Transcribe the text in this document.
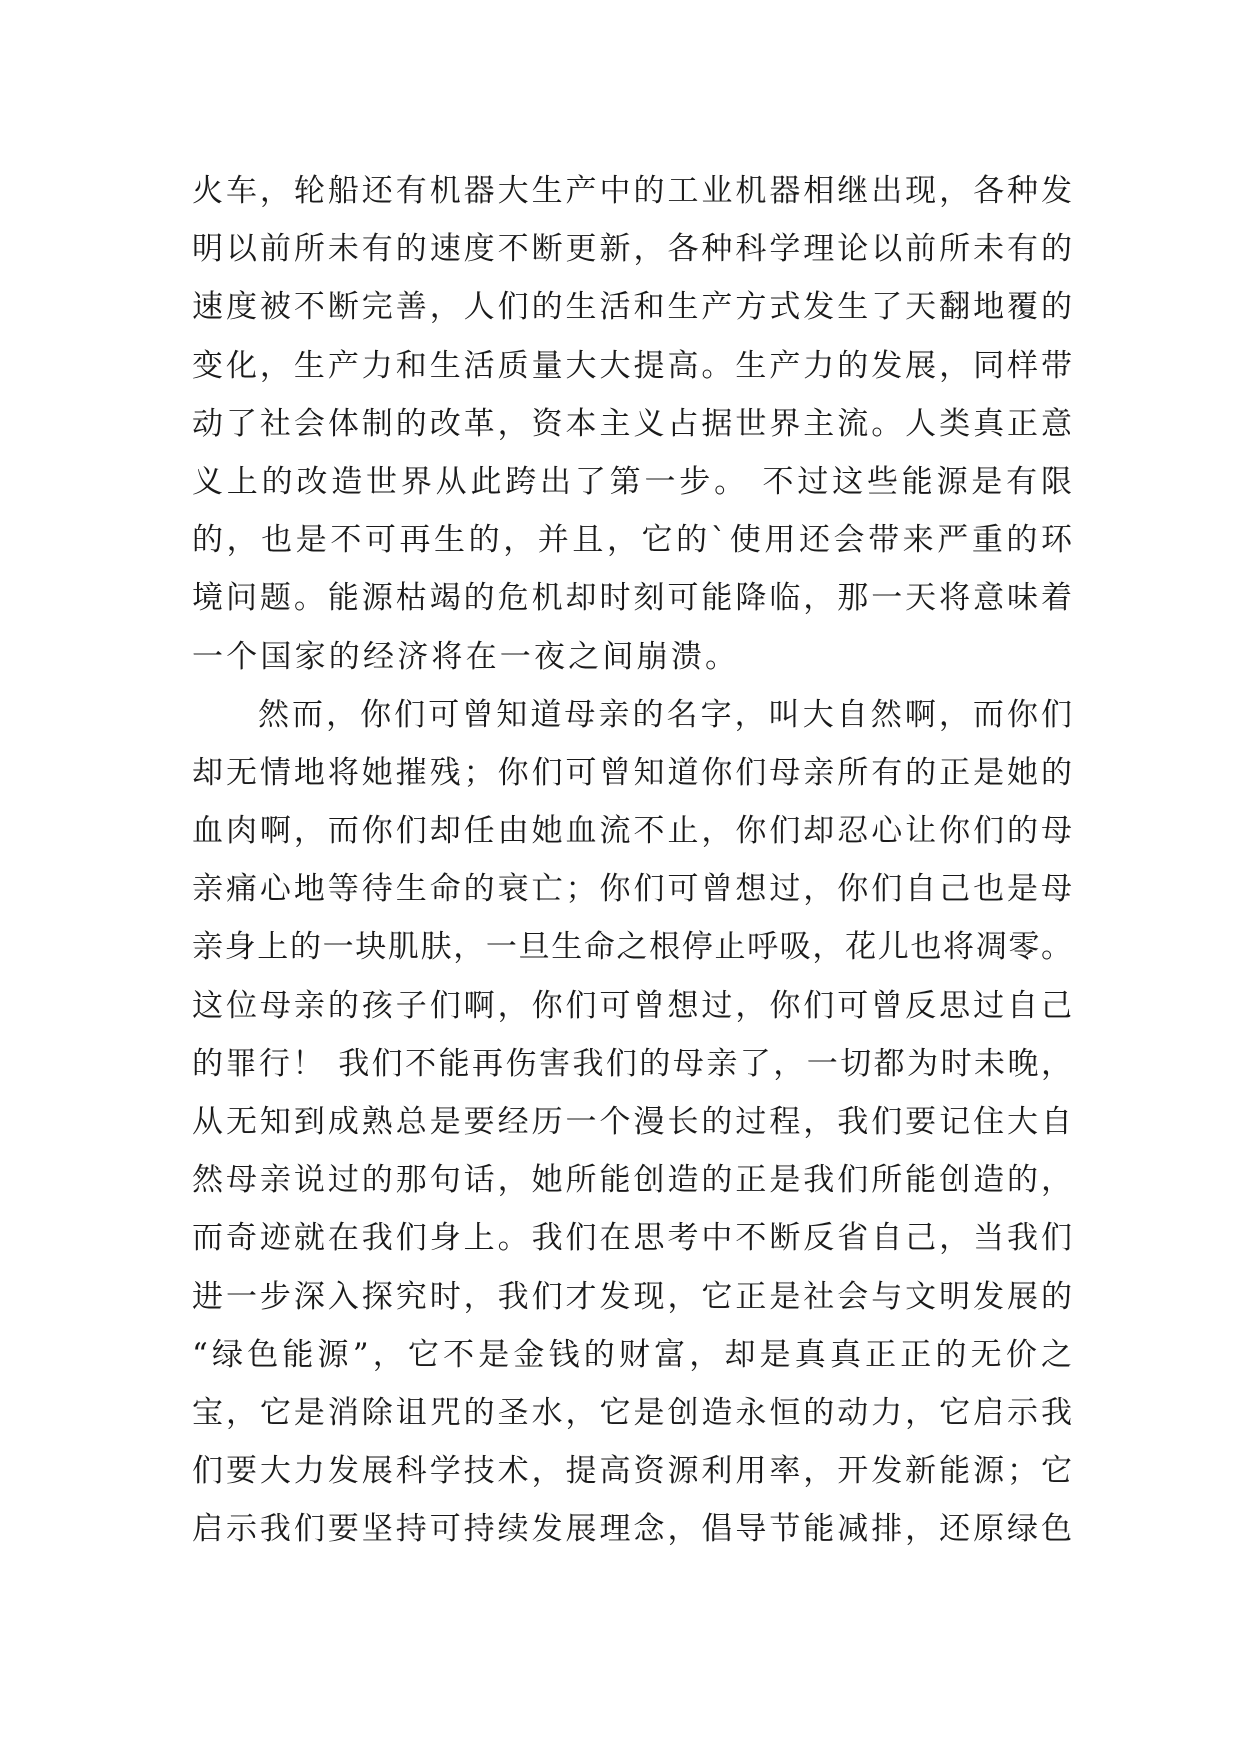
火车，轮船还有机器大生产中的工业机器相继出现，各种发
明以前所未有的速度不断更新，各种科学理论以前所未有的
速度被不断完善，人们的生活和生产方式发生了天翻地覆的
变化，生产力和生活质量大大提高。生产力的发展，同样带
动了社会体制的改革，资本主义占据世界主流。人类真正意
义上的改造世界从此跨出了第一步。 不过这些能源是有限
的，也是不可再生的，并且，它的`使用还会带来严重的环
境问题。能源枯竭的危机却时刻可能降临，那一天将意味着
一个国家的经济将在一夜之间崩溃。
然而，你们可曾知道母亲的名字，叫大自然啊，而你们
却无情地将她摧残；你们可曾知道你们母亲所有的正是她的
血肉啊，而你们却任由她血流不止，你们却忍心让你们的母
亲痛心地等待生命的衰亡；你们可曾想过，你们自己也是母
亲身上的一块肌肤，一旦生命之根停止呼吸，花儿也将凋零。
这位母亲的孩子们啊，你们可曾想过，你们可曾反思过自己
的罪行！ 我们不能再伤害我们的母亲了，一切都为时未晚，
从无知到成熟总是要经历一个漫长的过程，我们要记住大自
然母亲说过的那句话，她所能创造的正是我们所能创造的，
而奇迹就在我们身上。我们在思考中不断反省自己，当我们
进一步深入探究时，我们才发现，它正是社会与文明发展的
“绿色能源”，它不是金钱的财富，却是真真正正的无价之
宝，它是消除诅咒的圣水，它是创造永恒的动力，它启示我
们要大力发展科学技术，提高资源利用率，开发新能源；它
启示我们要坚持可持续发展理念，倡导节能减排，还原绿色
